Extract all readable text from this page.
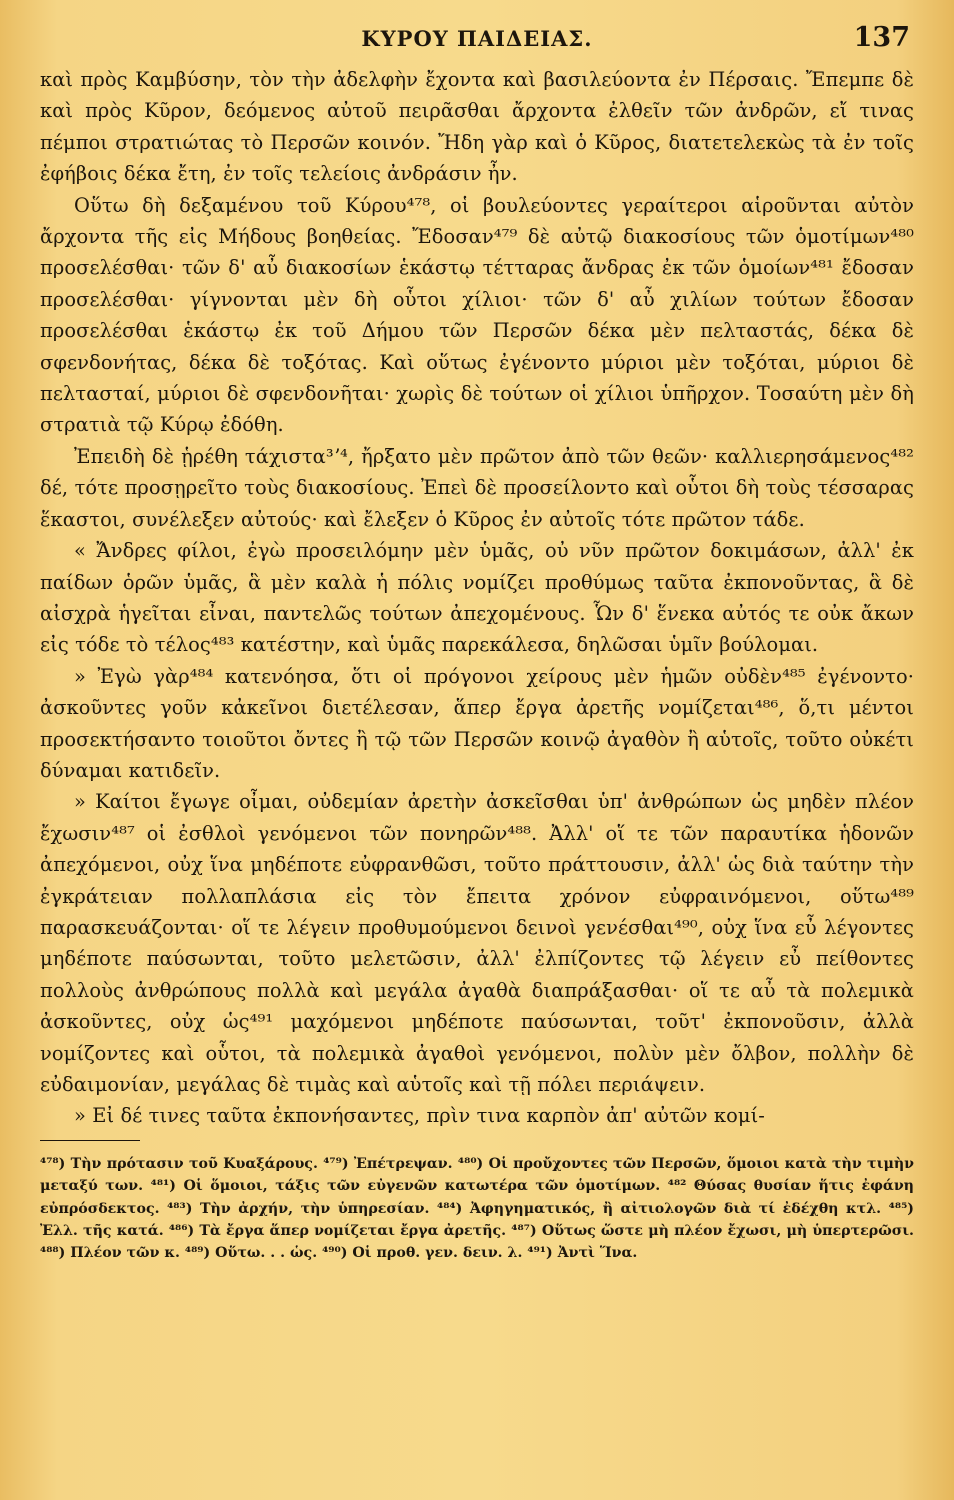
ΚΥΡΟΥ ΠΑΙΔΕΙΑΣ.	137

καὶ πρὸς Καμβύσην, τὸν τὴν ἀδελφὴν ἔχοντα καὶ βασιλεύοντα ἐν Πέρσαις. Ἔπεμπε δὲ καὶ πρὸς Κῦρον, δεόμενος αὐτοῦ πειρᾶσθαι ἄρχοντα ἐλθεῖν τῶν ἀνδρῶν, εἴ τινας πέμποι στρατιώτας τὸ Περσῶν κοινόν. Ἤδη γὰρ καὶ ὁ Κῦρος, διατετελεκὼς τὰ ἐν τοῖς ἐφήβοις δέκα ἔτη, ἐν τοῖς τελείοις ἀνδράσιν ἦν.

Οὕτω δὴ δεξαμένου τοῦ Κύρου⁴⁷⁸, οἱ βουλεύοντες γεραίτεροι αἱροῦνται αὐτὸν ἄρχοντα τῆς εἰς Μήδους βοηθείας. Ἔδοσαν⁴⁷⁹ δὲ αὐτῷ διακοσίους τῶν ὁμοτίμων⁴⁸⁰ προσελέσθαι· τῶν δ' αὖ διακοσίων ἑκάστῳ τέτταρας ἄνδρας ἐκ τῶν ὁμοίων⁴⁸¹ ἔδοσαν προσελέσθαι· γίγνονται μὲν δὴ οὗτοι χίλιοι· τῶν δ' αὖ χιλίων τούτων ἔδοσαν προσελέσθαι ἑκάστῳ ἐκ τοῦ Δήμου τῶν Περσῶν δέκα μὲν πελταστάς, δέκα δὲ σφενδονήτας, δέκα δὲ τοξότας. Καὶ οὕτως ἐγένοντο μύριοι μὲν τοξόται, μύριοι δὲ πελτασταί, μύριοι δὲ σφενδονῆται· χωρὶς δὲ τούτων οἱ χίλιοι ὑπῆρχον. Τοσαύτη μὲν δὴ στρατιὰ τῷ Κύρῳ ἐδόθη.

Ἐπειδὴ δὲ ᾑρέθη τάχιστα³ʼ⁴, ἤρξατο μὲν πρῶτον ἀπὸ τῶν θεῶν· καλλιερησάμενος⁴⁸² δέ, τότε προσῃρεῖτο τοὺς διακοσίους. Ἐπεὶ δὲ προσείλοντο καὶ οὗτοι δὴ τοὺς τέσσαρας ἕκαστοι, συνέλεξεν αὐτούς· καὶ ἔλεξεν ὁ Κῦρος ἐν αὐτοῖς τότε πρῶτον τάδε.

« Ἄνδρες φίλοι, ἐγὼ προσειλόμην μὲν ὑμᾶς, οὐ νῦν πρῶτον δοκιμάσων, ἀλλ' ἐκ παίδων ὁρῶν ὑμᾶς, ἃ μὲν καλὰ ἡ πόλις νομίζει προθύμως ταῦτα ἐκπονοῦντας, ἃ δὲ αἰσχρὰ ἡγεῖται εἶναι, παντελῶς τούτων ἀπεχομένους. Ὧν δ' ἕνεκα αὐτός τε οὐκ ἄκων εἰς τόδε τὸ τέλος⁴⁸³ κατέστην, καὶ ὑμᾶς παρεκάλεσα, δηλῶσαι ὑμῖν βούλομαι.

» Ἐγὼ γὰρ⁴⁸⁴ κατενόησα, ὅτι οἱ πρόγονοι χείρους μὲν ἡμῶν οὐδὲν⁴⁸⁵ ἐγένοντο· ἀσκοῦντες γοῦν κἀκεῖνοι διετέλεσαν, ἅπερ ἔργα ἀρετῆς νομίζεται⁴⁸⁶, ὅ,τι μέντοι προσεκτήσαντο τοιοῦτοι ὄντες ἢ τῷ τῶν Περσῶν κοινῷ ἀγαθὸν ἢ αὑτοῖς, τοῦτο οὐκέτι δύναμαι κατιδεῖν.

» Καίτοι ἔγωγε οἶμαι, οὐδεμίαν ἀρετὴν ἀσκεῖσθαι ὑπ' ἀνθρώπων ὡς μηδὲν πλέον ἔχωσιν⁴⁸⁷ οἱ ἐσθλοὶ γενόμενοι τῶν πονηρῶν⁴⁸⁸. Ἀλλ' οἵ τε τῶν παραυτίκα ἡδονῶν ἀπεχόμενοι, οὐχ ἵνα μηδέποτε εὐφρανθῶσι, τοῦτο πράττουσιν, ἀλλ' ὡς διὰ ταύτην τὴν ἐγκράτειαν πολλαπλάσια εἰς τὸν ἔπειτα χρόνον εὐφραινόμενοι, οὕτω⁴⁸⁹ παρασκευάζονται· οἵ τε λέγειν προθυμούμενοι δεινοὶ γενέσθαι⁴⁹⁰, οὐχ ἵνα εὖ λέγοντες μηδέποτε παύσωνται, τοῦτο μελετῶσιν, ἀλλ' ἐλπίζοντες τῷ λέγειν εὖ πείθοντες πολλοὺς ἀνθρώπους πολλὰ καὶ μεγάλα ἀγαθὰ διαπράξασθαι· οἵ τε αὖ τὰ πολεμικὰ ἀσκοῦντες, οὐχ ὡς⁴⁹¹ μαχόμενοι μηδέποτε παύσωνται, τοῦτ' ἐκπονοῦσιν, ἀλλὰ νομίζοντες καὶ οὗτοι, τὰ πολεμικὰ ἀγαθοὶ γενόμενοι, πολὺν μὲν ὄλβον, πολλὴν δὲ εὐδαιμονίαν, μεγάλας δὲ τιμὰς καὶ αὑτοῖς καὶ τῇ πόλει περιάψειν.

» Εἰ δέ τινες ταῦτα ἐκπονήσαντες, πρὶν τινα καρπὸν ἀπ' αὐτῶν κομί-

⁴⁷⁸) Τὴν πρότασιν τοῦ Κυαξάρους. ⁴⁷⁹) Ἐπέτρεψαν. ⁴⁸⁰) Οἱ προὔχοντες τῶν Περσῶν, ὅμοιοι κατὰ τὴν τιμὴν μεταξύ των. ⁴⁸¹) Οἱ ὅμοιοι, τάξις τῶν εὐγενῶν κατωτέρα τῶν ὁμοτίμων. ⁴⁸² Θύσας θυσίαν ἥτις ἐφάνη εὐπρόσδεκτος. ⁴⁸³) Τὴν ἀρχήν, τὴν ὑπηρεσίαν. ⁴⁸⁴) Ἀφηγηματικός, ἢ αἰτιολογῶν διὰ τί ἐδέχθη κτλ. ⁴⁸⁵) Ἐλλ. τῆς κατά. ⁴⁸⁶) Τὰ ἔργα ἅπερ νομίζεται ἔργα ἀρετῆς. ⁴⁸⁷) Οὕτως ὥστε μὴ πλέον ἔχωσι, μὴ ὑπερτερῶσι. ⁴⁸⁸) Πλέον τῶν κ. ⁴⁸⁹) Οὕτω. . . ὡς. ⁴⁹⁰) Οἱ προθ. γεν. δειν. λ. ⁴⁹¹) Ἀντὶ Ἵνα.
